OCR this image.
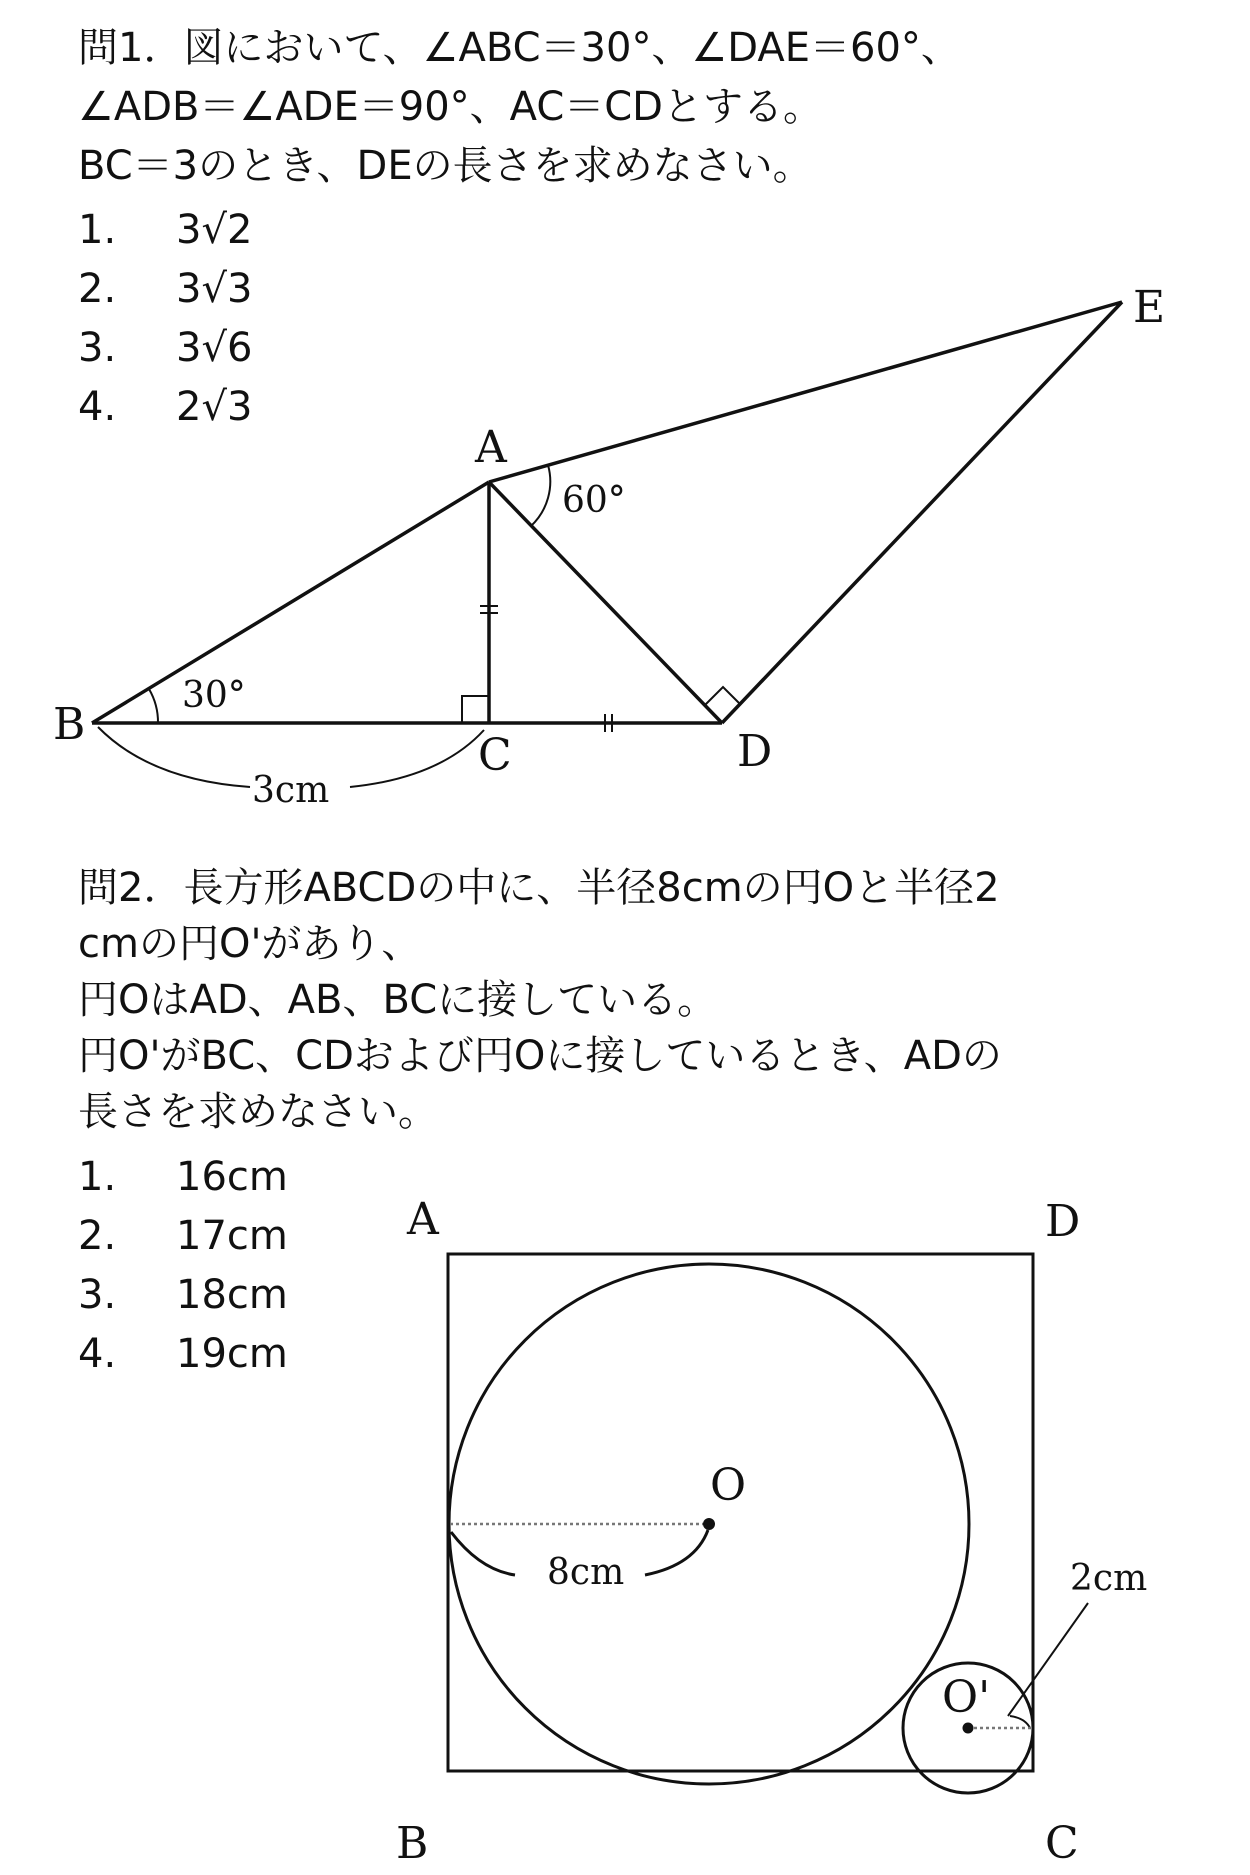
問1．図において、∠ABC＝30°、∠DAE＝60°、

∠ADB＝∠ADE＝90°、AC＝CDとする。

BC＝3のとき、DEの長さを求めなさい。

1.	3√2
2.	3√3
3.	3√6
4.	2√3
A
B
C	D
E
30°
60°
3cm

問2．長方形ABCDの中に、半径8cmの円Oと半径2

cmの円O'があり、

円OはAD、AB、BCに接している。

円O'がBC、CDおよび円Oに接しているとき、ADの

長さを求めなさい。

1.	16cm
2.	17cm
3.	18cm
4.	19cm
A	D
B	C
O
O'
8cm	2cm
